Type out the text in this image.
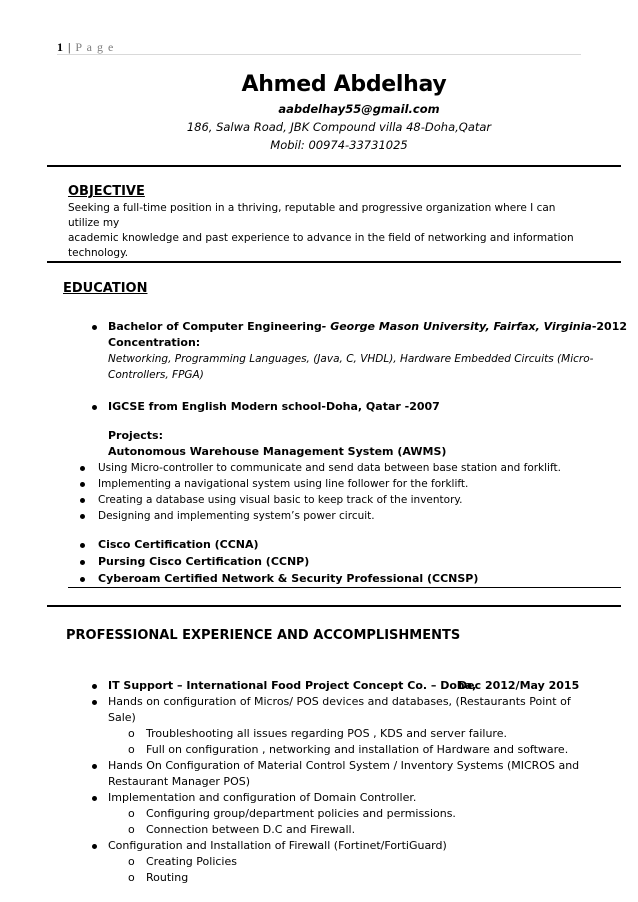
1 | P a g e
Ahmed Abdelhay
aabdelhay55@gmail.com
186, Salwa Road, JBK Compound villa 48-Doha,Qatar
Mobil: 00974-33731025
OBJECTIVE
Seeking a full-time position in a thriving, reputable and progressive organization where I can utilize my
academic knowledge and past experience to advance in the field of networking and information
technology.
EDUCATION
Bachelor of Computer Engineering- George Mason University, Fairfax, Virginia-2012
Concentration:
Networking, Programming Languages, (Java, C, VHDL), Hardware Embedded Circuits (Micro-
Controllers, FPGA)
IGCSE from English Modern school-Doha, Qatar -2007
Projects:
Autonomous Warehouse Management System (AWMS)
Using Micro-controller to communicate and send data between base station and forklift.
Implementing a navigational system using line follower for the forklift.
Creating a database using visual basic to keep track of the inventory.
Designing and implementing system’s power circuit.
Cisco Certification (CCNA)
Pursing Cisco Certification (CCNP)
Cyberoam Certified Network & Security Professional (CCNSP)
PROFESSIONAL EXPERIENCE AND ACCOMPLISHMENTS
IT Support – International Food Project Concept Co. – Doha,
Dec 2012/May 2015
Hands on configuration of Micros/ POS devices and databases, (Restaurants Point of
Sale)
o Troubleshooting all issues regarding POS , KDS and server failure.
o Full on configuration , networking and installation of Hardware and software.
Hands On Configuration of Material Control System / Inventory Systems (MICROS and
Restaurant Manager POS)
Implementation and configuration of Domain Controller.
o Configuring group/department policies and permissions.
o Connection between D.C and Firewall.
Configuration and Installation of Firewall (Fortinet/FortiGuard)
o Creating Policies
o Routing
